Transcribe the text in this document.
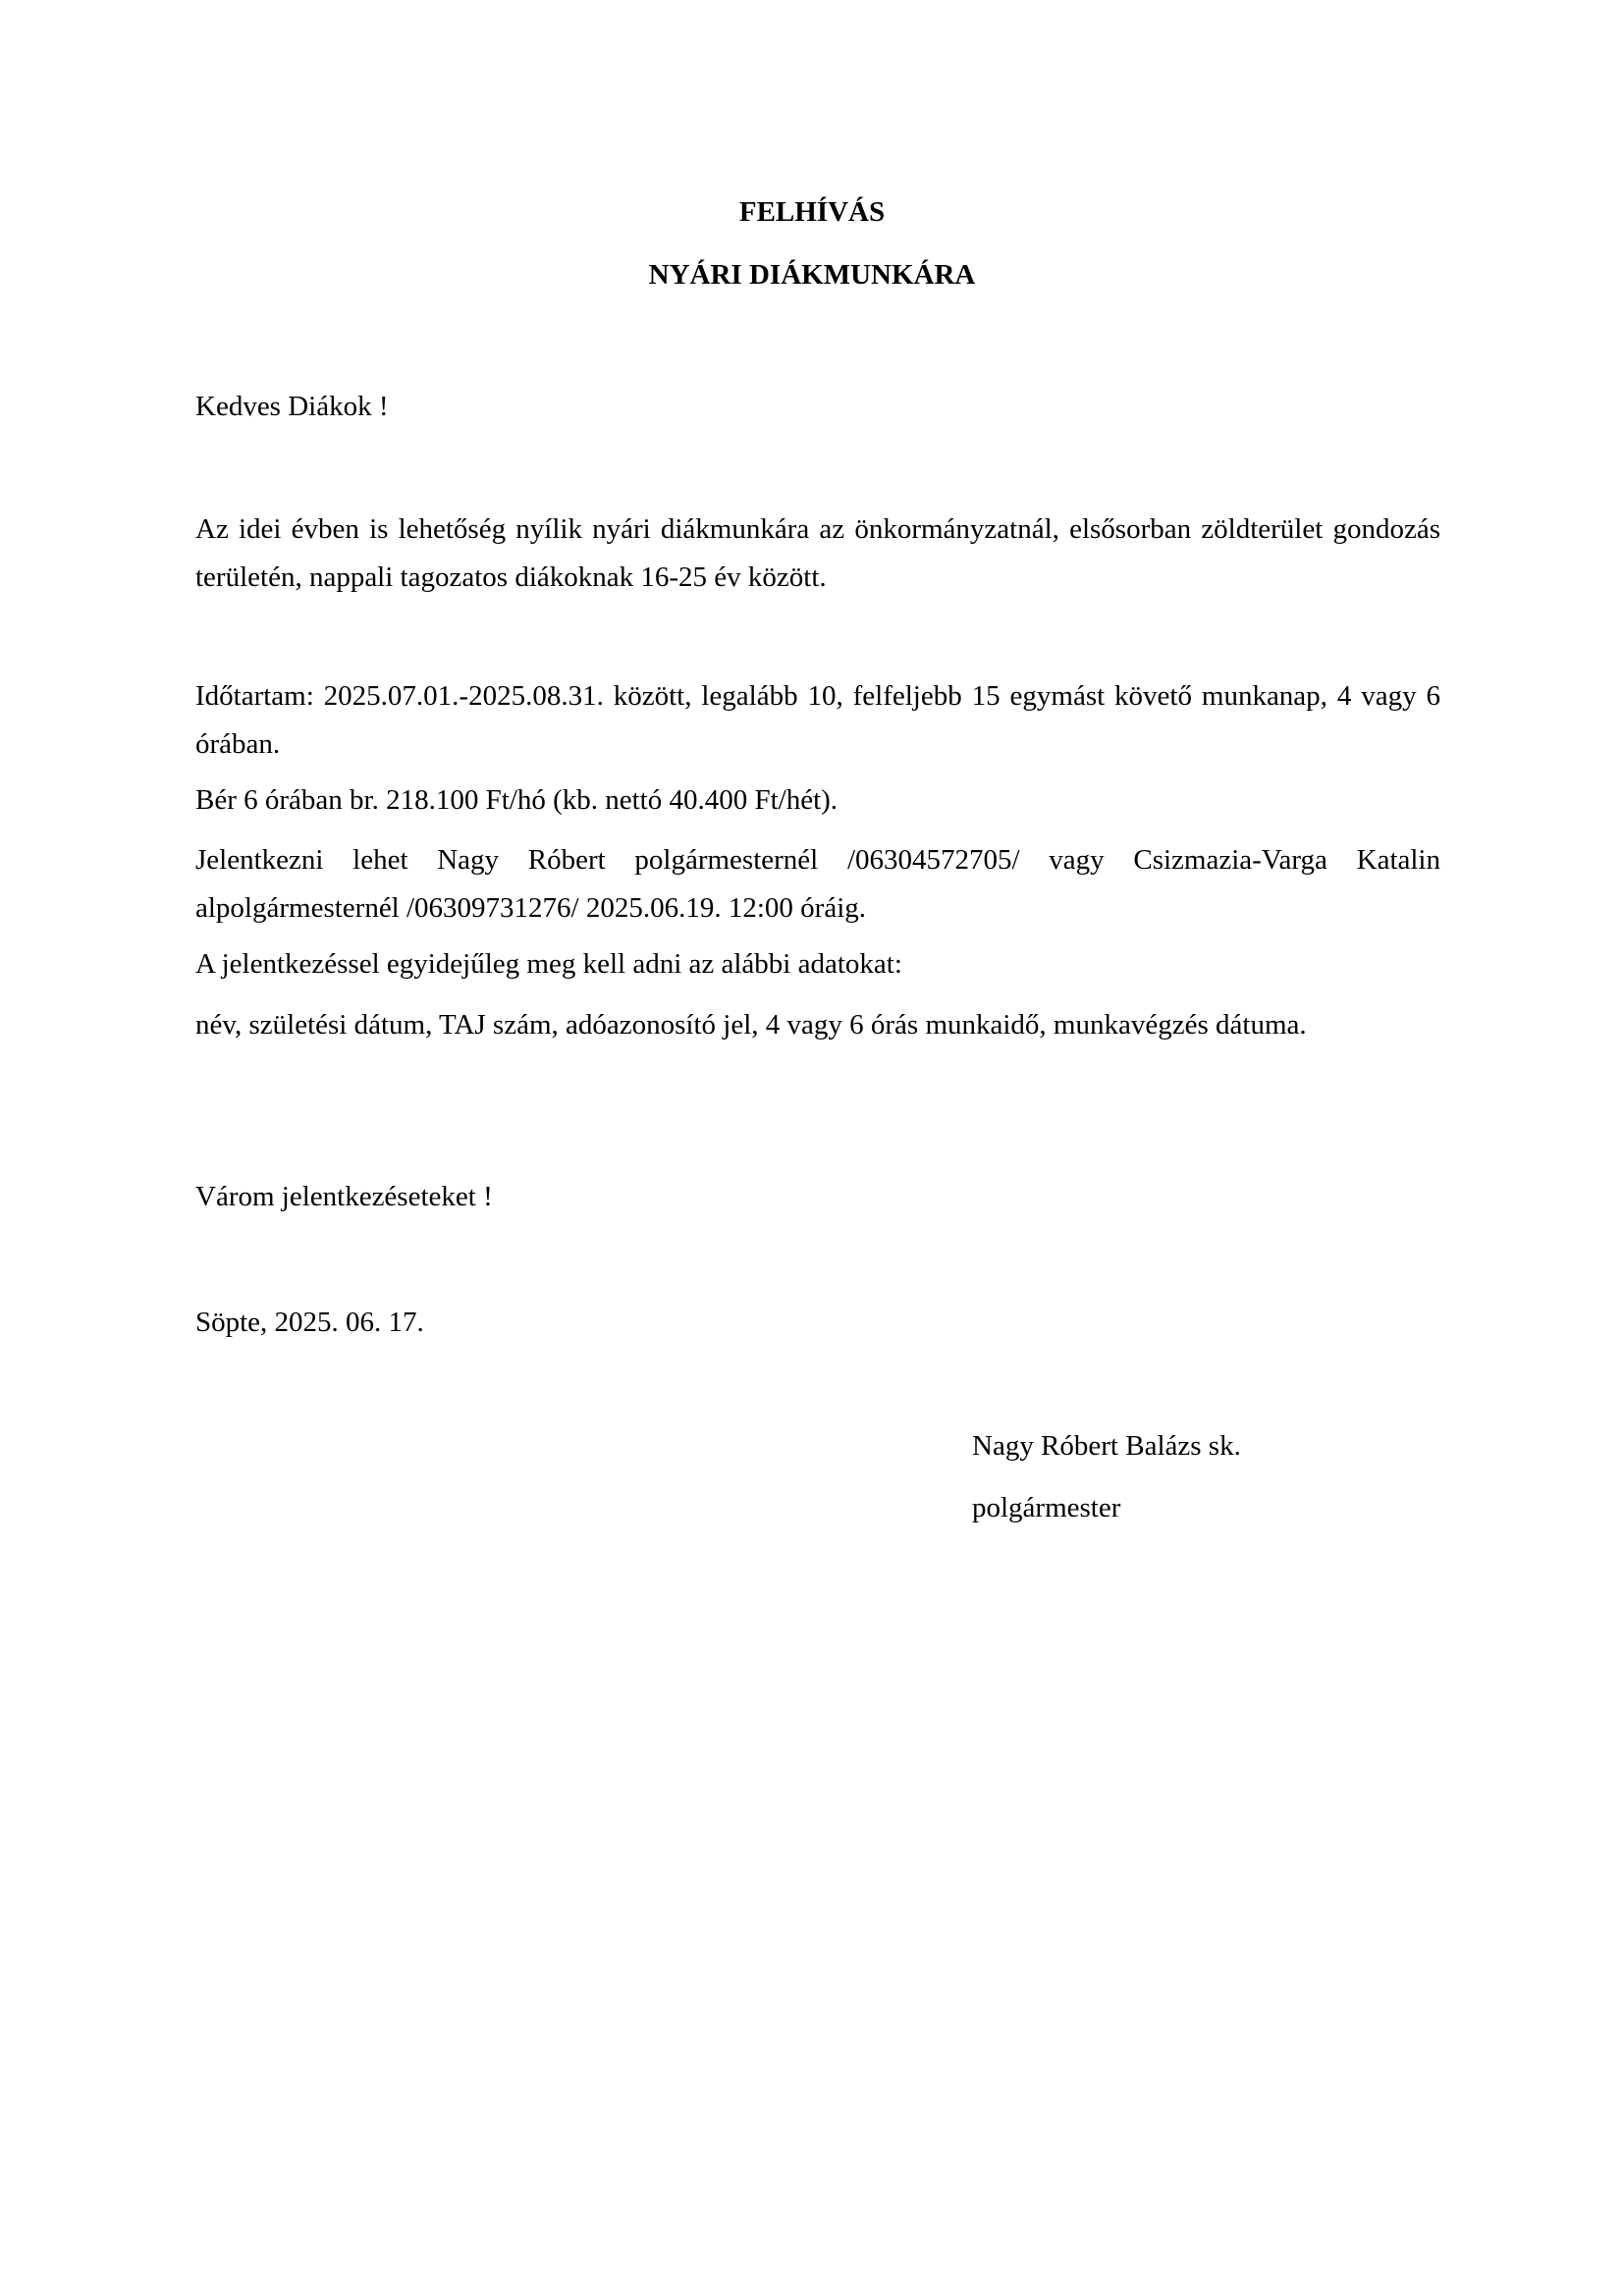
FELHÍVÁS
NYÁRI DIÁKMUNKÁRA

Kedves Diákok !

Az idei évben is lehetőség nyílik nyári diákmunkára az önkormányzatnál, elsősorban zöldterület gondozás területén, nappali tagozatos diákoknak 16-25 év között.

Időtartam: 2025.07.01.-2025.08.31. között, legalább 10, felfeljebb 15 egymást követő munkanap, 4 vagy 6 órában.

Bér 6 órában br. 218.100 Ft/hó (kb. nettó 40.400 Ft/hét).

Jelentkezni lehet Nagy Róbert polgármesternél /06304572705/ vagy Csizmazia-Varga Katalin alpolgármesternél /06309731276/ 2025.06.19. 12:00 óráig.

A jelentkezéssel egyidejűleg meg kell adni az alábbi adatokat:

név, születési dátum, TAJ szám, adóazonosító jel, 4 vagy 6 órás munkaidő, munkavégzés dátuma.

Várom jelentkezéseteket !

Söpte, 2025. 06. 17.

Nagy Róbert Balázs sk.

polgármester
